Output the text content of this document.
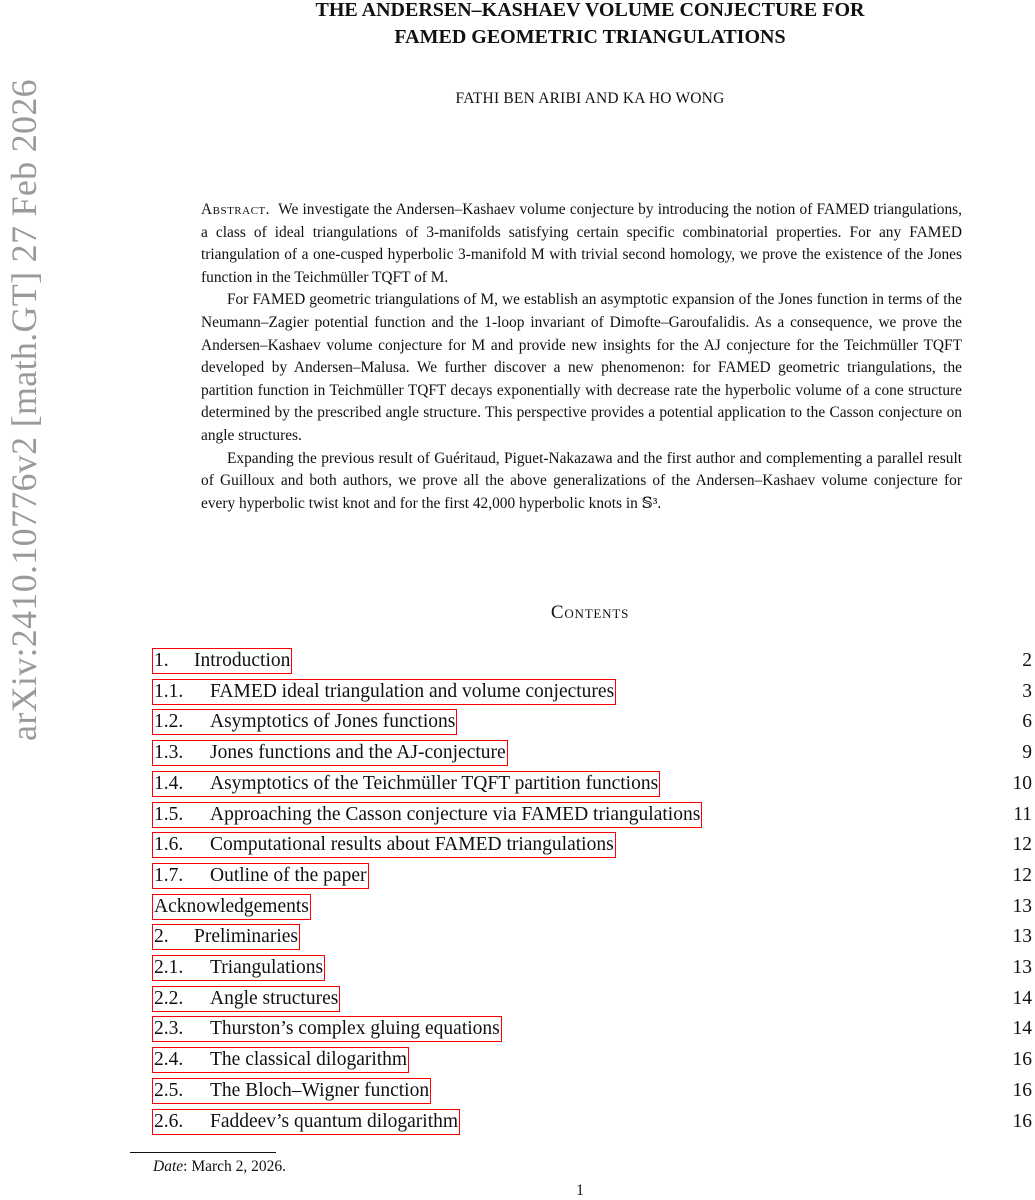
arXiv:2410.10776v2 [math.GT] 27 Feb 2026
THE ANDERSEN–KASHAEV VOLUME CONJECTURE FOR
FAMED GEOMETRIC TRIANGULATIONS
FATHI BEN ARIBI AND KA HO WONG

Abstract. We investigate the Andersen–Kashaev volume conjecture by introducing the notion of FAMED triangulations, a class of ideal triangulations of 3-manifolds satisfying certain specific combinatorial properties. For any FAMED triangulation of a one-cusped hyperbolic 3-manifold M with trivial second homology, we prove the existence of the Jones function in the Teichmüller TQFT of M.

For FAMED geometric triangulations of M, we establish an asymptotic expansion of the Jones function in terms of the Neumann–Zagier potential function and the 1-loop invariant of Dimofte–Garoufalidis. As a consequence, we prove the Andersen–Kashaev volume conjecture for M and provide new insights for the AJ conjecture for the Teichmüller TQFT developed by Andersen–Malusa. We further discover a new phenomenon: for FAMED geometric triangulations, the partition function in Teichmüller TQFT decays exponentially with decrease rate the hyperbolic volume of a cone structure determined by the prescribed angle structure. This perspective provides a potential application to the Casson conjecture on angle structures.

Expanding the previous result of Guéritaud, Piguet-Nakazawa and the first author and complementing a parallel result of Guilloux and both authors, we prove all the above generalizations of the Andersen–Kashaev volume conjecture for every hyperbolic twist knot and for the first 42,000 hyperbolic knots in 𝕊³.

Contents
1. Introduction	2
1.1. FAMED ideal triangulation and volume conjectures	3
1.2. Asymptotics of Jones functions	6
1.3. Jones functions and the AJ-conjecture	9
1.4. Asymptotics of the Teichmüller TQFT partition functions	10
1.5. Approaching the Casson conjecture via FAMED triangulations	11
1.6. Computational results about FAMED triangulations	12
1.7. Outline of the paper	12
Acknowledgements	13
2. Preliminaries	13
2.1. Triangulations	13
2.2. Angle structures	14
2.3. Thurston’s complex gluing equations	14
2.4. The classical dilogarithm	16
2.5. The Bloch–Wigner function	16
2.6. Faddeev’s quantum dilogarithm	16
Date: March 2, 2026.
1
